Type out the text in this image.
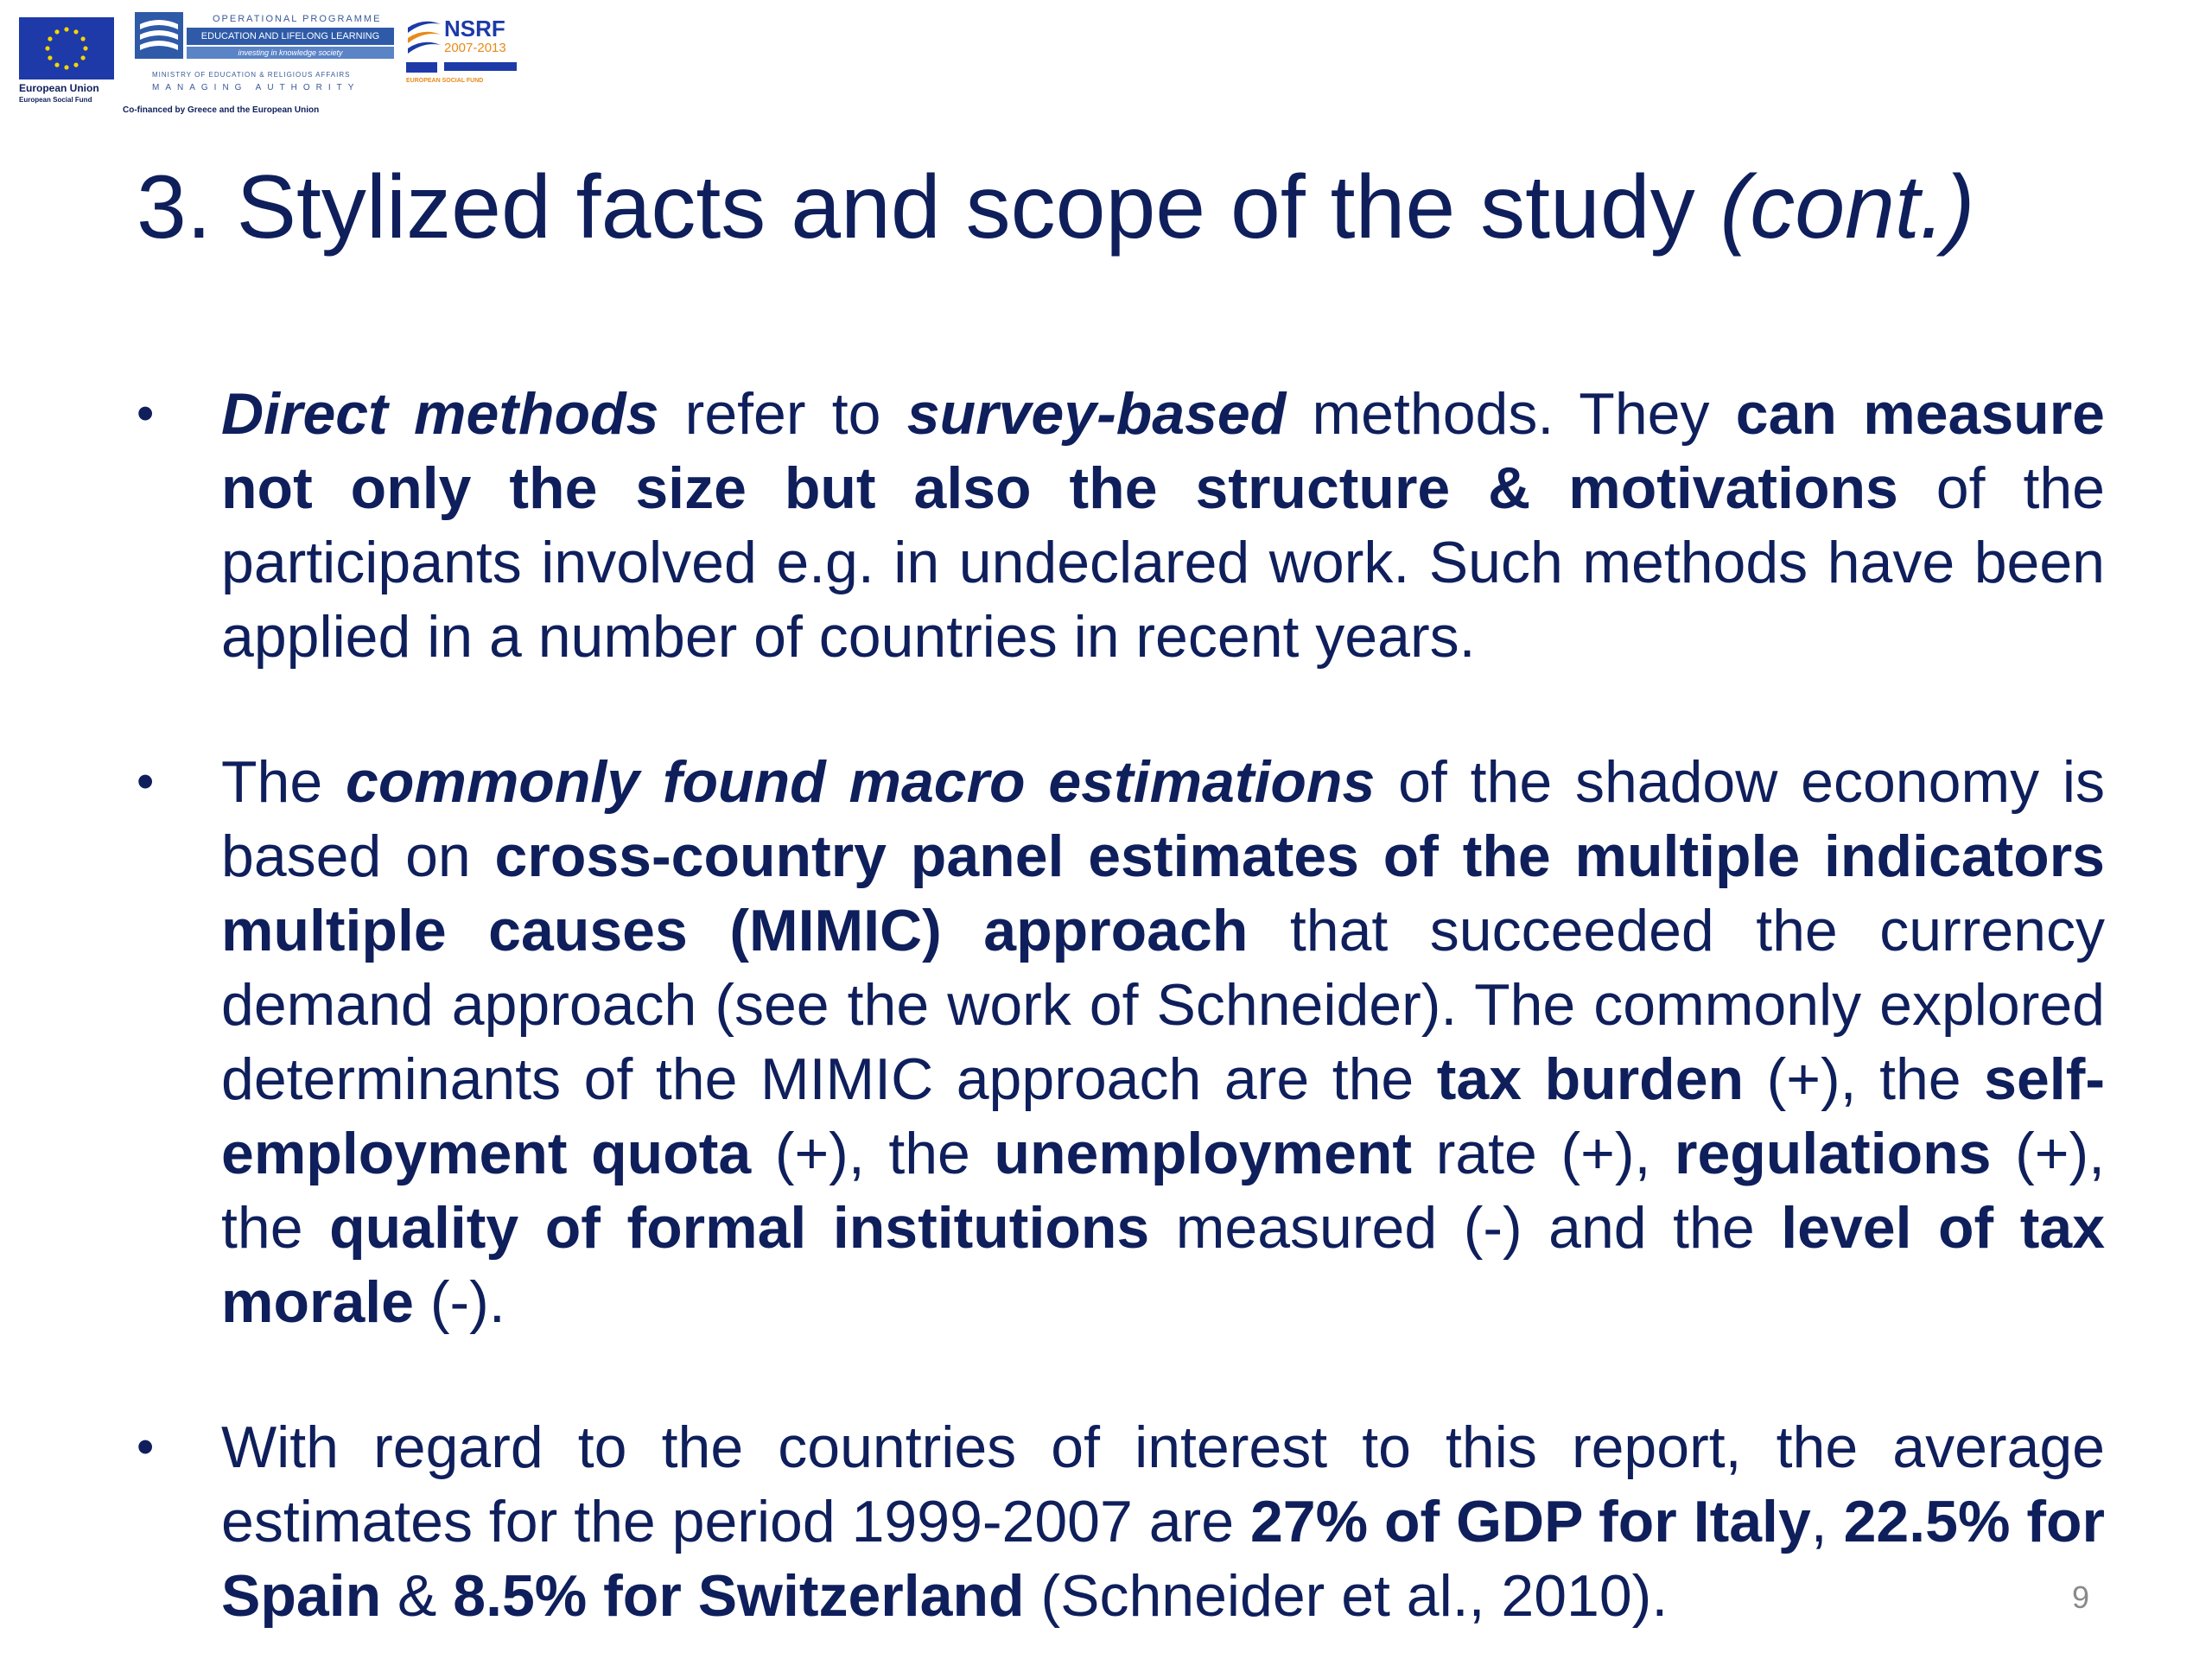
European Union
European Social Fund
OPERATIONAL PROGRAMME
EDUCATION AND LIFELONG LEARNING
investing in knowledge society
MINISTRY OF EDUCATION & RELIGIOUS AFFAIRS
MANAGING AUTHORITY
Co-financed by Greece and the European Union
NSRF
2007-2013
EUROPEAN SOCIAL FUND
3. Stylized facts and scope of the study (cont.)
• Direct methods refer to survey-based methods. They can measure not only the size but also the structure & motivations of the participants involved e.g. in undeclared work. Such methods have been applied in a number of countries in recent years.

• The commonly found macro estimations of the shadow economy is based on cross-country panel estimates of the multiple indicators multiple causes (MIMIC) approach that succeeded the currency demand approach (see the work of Schneider). The commonly explored determinants of the MIMIC approach are the tax burden (+), the self-employment quota (+), the unemployment rate (+), regulations (+), the quality of formal institutions measured (-) and the level of tax morale (-).

• With regard to the countries of interest to this report, the average estimates for the period 1999-2007 are 27% of GDP for Italy, 22.5% for Spain & 8.5% for Switzerland (Schneider et al., 2010).	9
